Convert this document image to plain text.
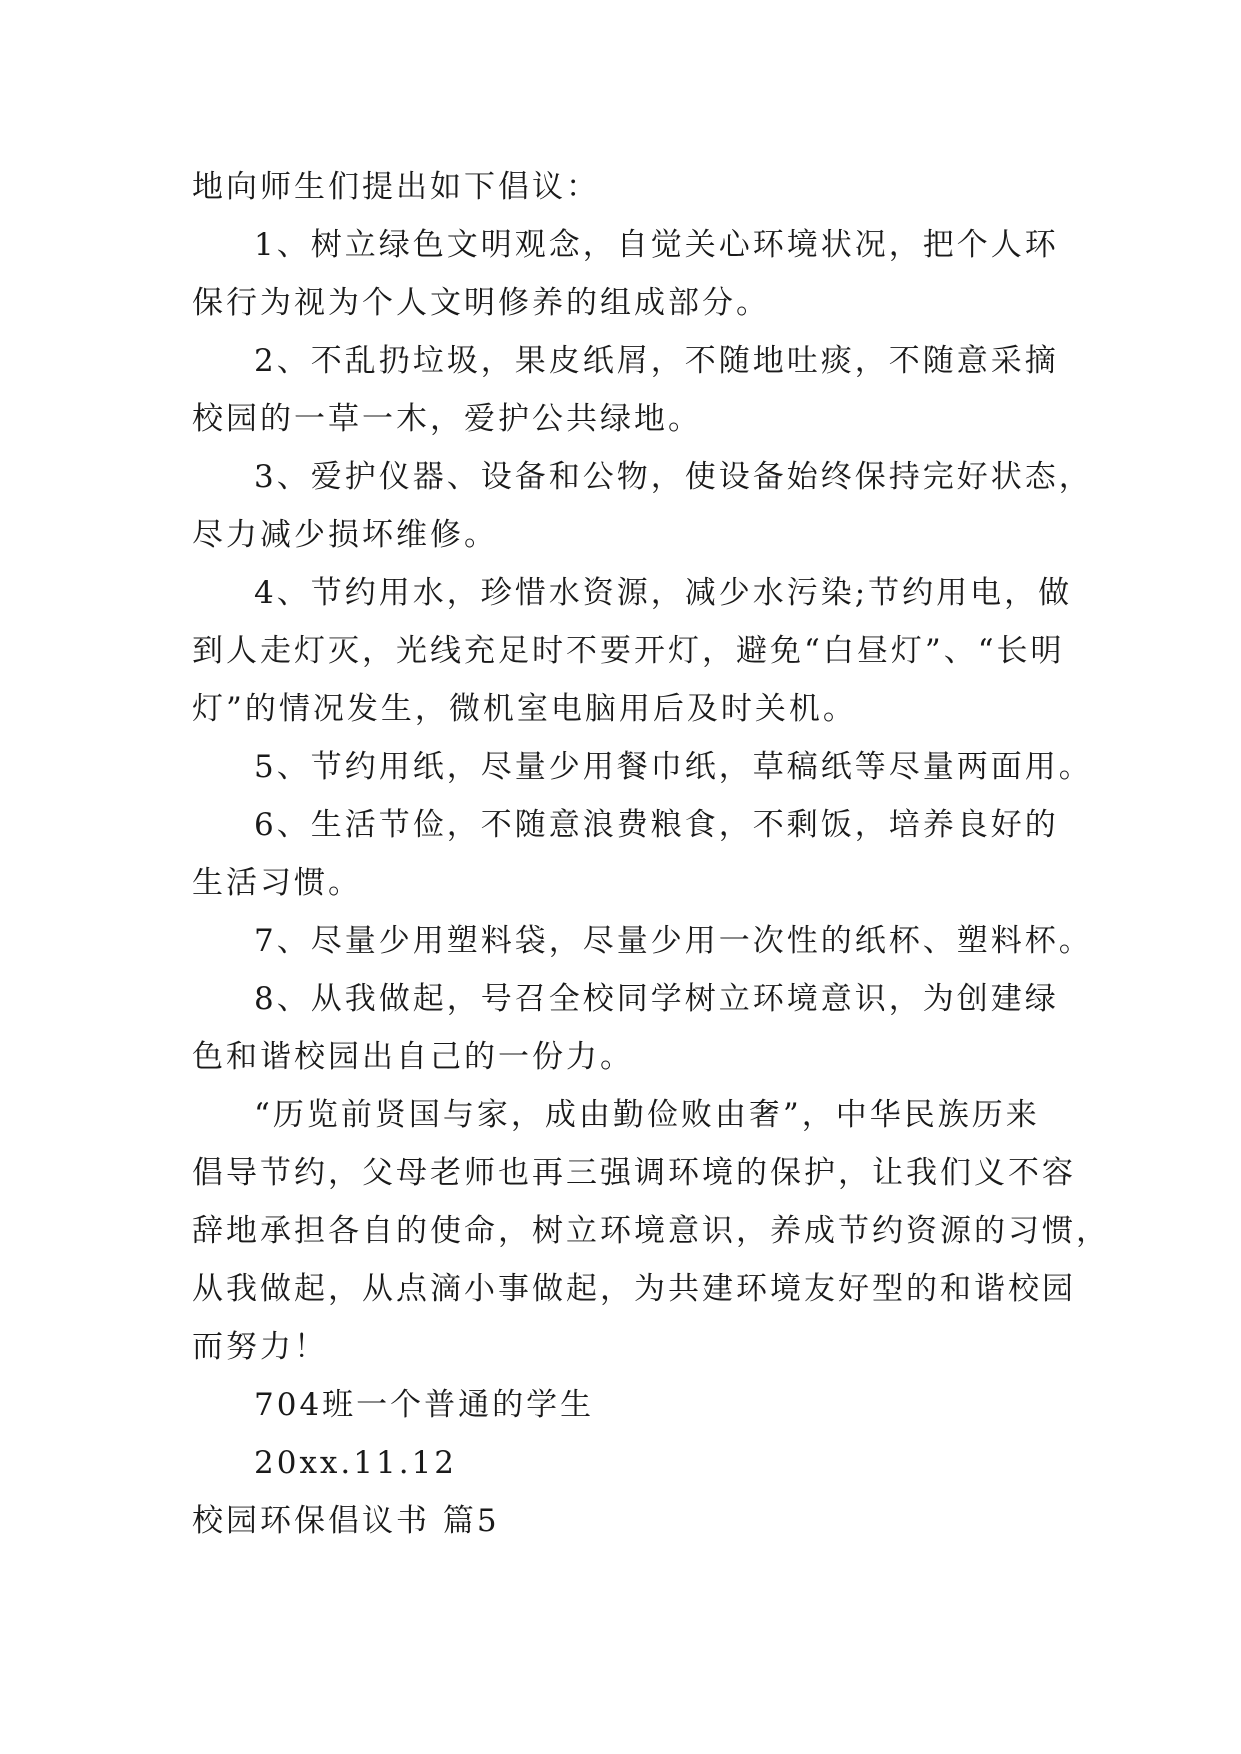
地向师生们提出如下倡议：
1、树立绿色文明观念，自觉关心环境状况，把个人环
保行为视为个人文明修养的组成部分。
2、不乱扔垃圾，果皮纸屑，不随地吐痰，不随意采摘
校园的一草一木，爱护公共绿地。
3、爱护仪器、设备和公物，使设备始终保持完好状态，
尽力减少损坏维修。
4、节约用水，珍惜水资源，减少水污染;节约用电，做
到人走灯灭，光线充足时不要开灯，避免“白昼灯”、“长明
灯”的情况发生，微机室电脑用后及时关机。
5、节约用纸，尽量少用餐巾纸，草稿纸等尽量两面用。
6、生活节俭，不随意浪费粮食，不剩饭，培养良好的
生活习惯。
7、尽量少用塑料袋，尽量少用一次性的纸杯、塑料杯。
8、从我做起，号召全校同学树立环境意识，为创建绿
色和谐校园出自己的一份力。
“历览前贤国与家，成由勤俭败由奢”，中华民族历来
倡导节约，父母老师也再三强调环境的保护，让我们义不容
辞地承担各自的使命，树立环境意识，养成节约资源的习惯，
从我做起，从点滴小事做起，为共建环境友好型的和谐校园
而努力！
704班一个普通的学生
20xx.11.12
校园环保倡议书 篇5
